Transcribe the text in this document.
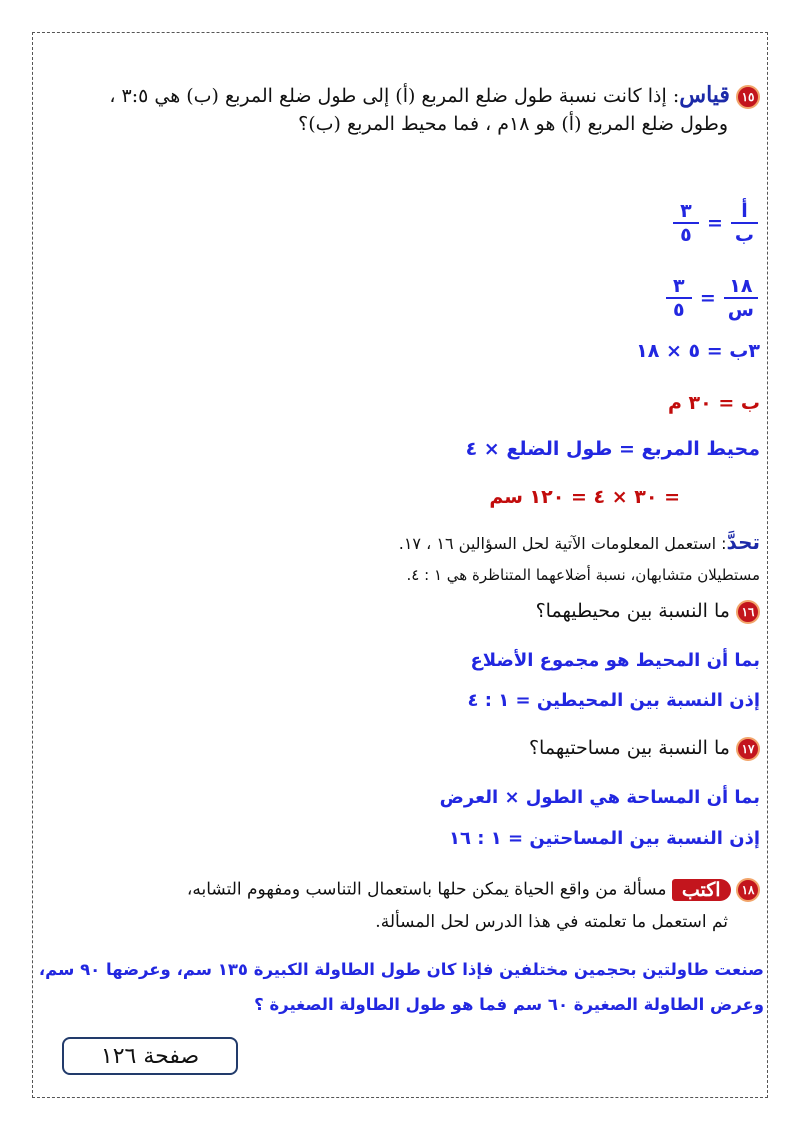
١٥ قياس: إذا كانت نسبة طول ضلع المربع (أ) إلى طول ضلع المربع (ب) هي ٣:٥ ،
وطول ضلع المربع (أ) هو ١٨م ، فما محيط المربع (ب)؟
أ
ب
=
٣
٥
١٨
س
=
٣
٥
٣ب = ٥ × ١٨
ب = ٣٠ م
محيط المربع = طول الضلع × ٤
= ٣٠ × ٤ = ١٢٠ سم
تحدَّ: استعمل المعلومات الآتية لحل السؤالين ١٦ ، ١٧.
مستطيلان متشابهان، نسبة أضلاعهما المتناظرة هي ١ : ٤.
١٦ ما النسبة بين محيطيهما؟
بما أن المحيط هو مجموع الأضلاع
إذن النسبة بين المحيطين = ١ : ٤
١٧ ما النسبة بين مساحتيهما؟
بما أن المساحة هي الطول × العرض
إذن النسبة بين المساحتين = ١ : ١٦
١٨ اكتب مسألة من واقع الحياة يمكن حلها باستعمال التناسب ومفهوم التشابه،
ثم استعمل ما تعلمته في هذا الدرس لحل المسألة.
صنعت طاولتين بحجمين مختلفين فإذا كان طول الطاولة الكبيرة ١٣٥ سم، وعرضها ٩٠ سم،
وعرض الطاولة الصغيرة ٦٠ سم فما هو طول الطاولة الصغيرة ؟
صفحة ١٢٦
